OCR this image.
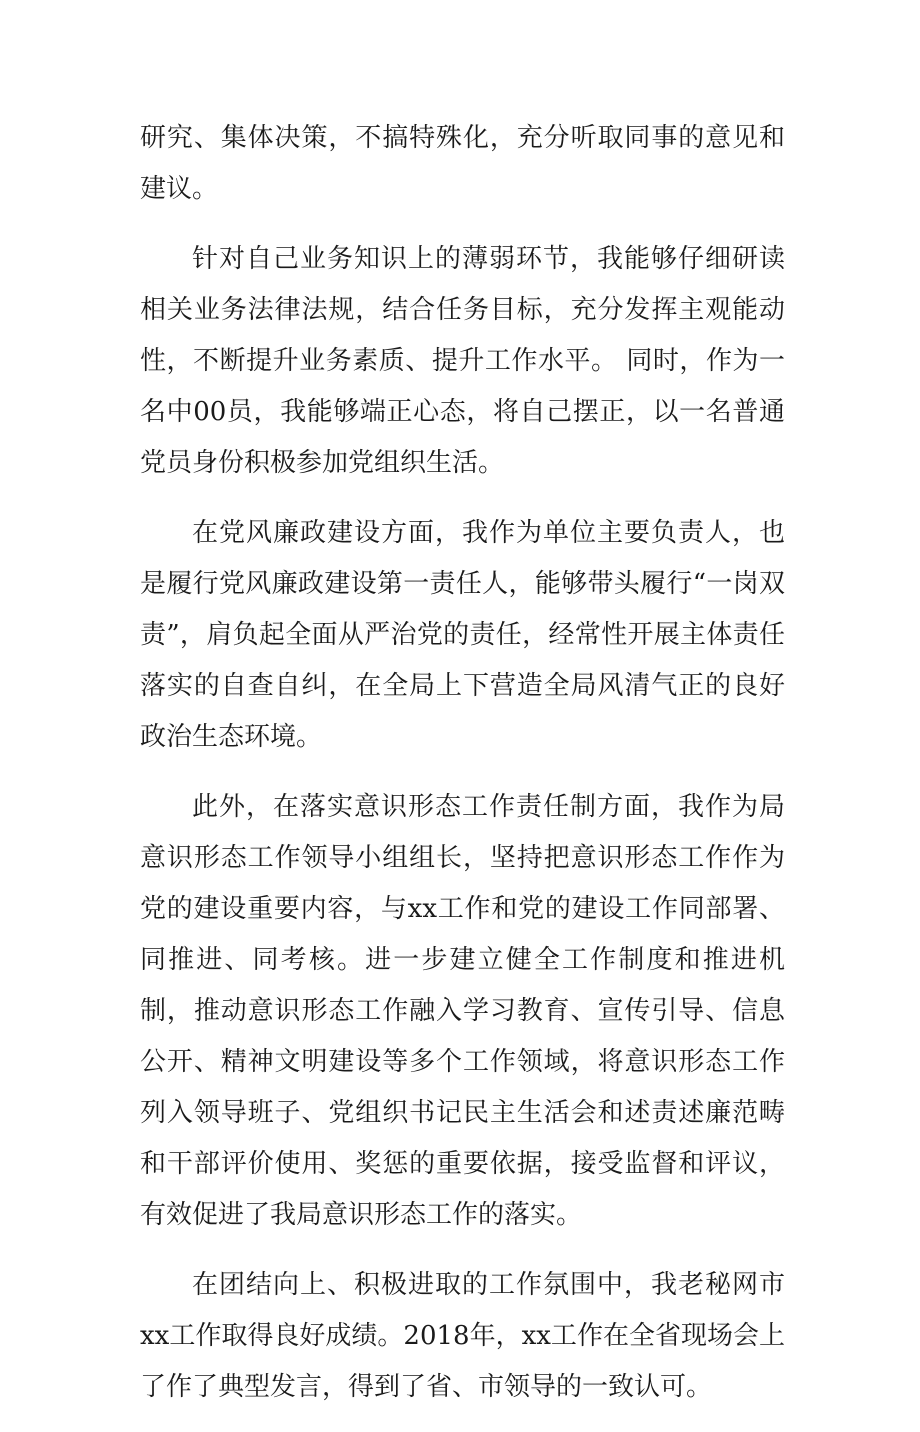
研究、集体决策，不搞特殊化，充分听取同事的意见和建议。

针对自己业务知识上的薄弱环节，我能够仔细研读相关业务法律法规，结合任务目标，充分发挥主观能动性，不断提升业务素质、提升工作水平。 同时，作为一名中00员，我能够端正心态，将自己摆正，以一名普通党员身份积极参加党组织生活。

在党风廉政建设方面，我作为单位主要负责人，也是履行党风廉政建设第一责任人，能够带头履行“一岗双责”，肩负起全面从严治党的责任，经常性开展主体责任落实的自查自纠，在全局上下营造全局风清气正的良好政治生态环境。

此外，在落实意识形态工作责任制方面，我作为局意识形态工作领导小组组长，坚持把意识形态工作作为党的建设重要内容，与xx工作和党的建设工作同部署、同推进、同考核。进一步建立健全工作制度和推进机制，推动意识形态工作融入学习教育、宣传引导、信息公开、精神文明建设等多个工作领域，将意识形态工作列入领导班子、党组织书记民主生活会和述责述廉范畴和干部评价使用、奖惩的重要依据，接受监督和评议，有效促进了我局意识形态工作的落实。

在团结向上、积极进取的工作氛围中，我老秘网市xx工作取得良好成绩。2018年，xx工作在全省现场会上了作了典型发言，得到了省、市领导的一致认可。
